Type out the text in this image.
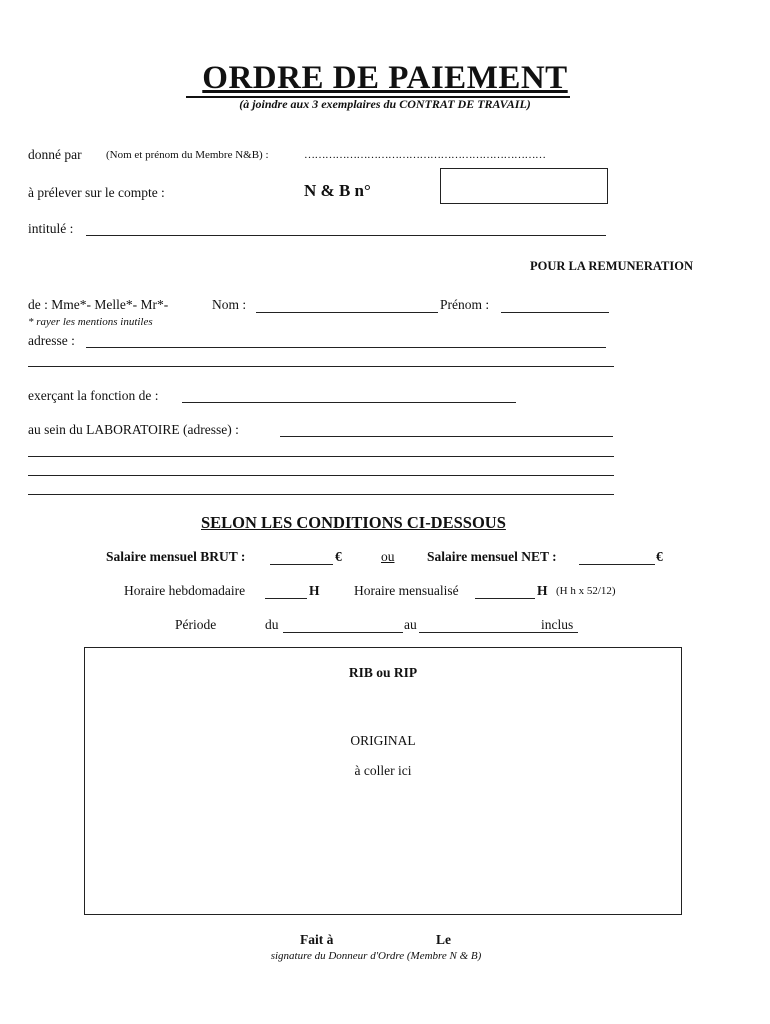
ORDRE DE PAIEMENT
(à joindre aux 3 exemplaires du CONTRAT DE TRAVAIL)
donné par (Nom et prénom du Membre N&B) :	……………………………………………………………
à prélever sur le compte :	N & B n°
intitulé :
POUR LA REMUNERATION
de : Mme*- Melle*- Mr*-	Nom :	Prénom :
* rayer les mentions inutiles
adresse :
exerçant la fonction de :
au sein du LABORATOIRE (adresse) :
SELON LES CONDITIONS CI-DESSOUS
Salaire mensuel BRUT :	€	ou Salaire mensuel NET :	€
Horaire hebdomadaire	H	Horaire mensualisé	H (H h x 52/12)
Période	du	au	inclus
RIB ou RIP
ORIGINAL
à coller ici
Fait à	Le
signature du Donneur d'Ordre (Membre N & B)
